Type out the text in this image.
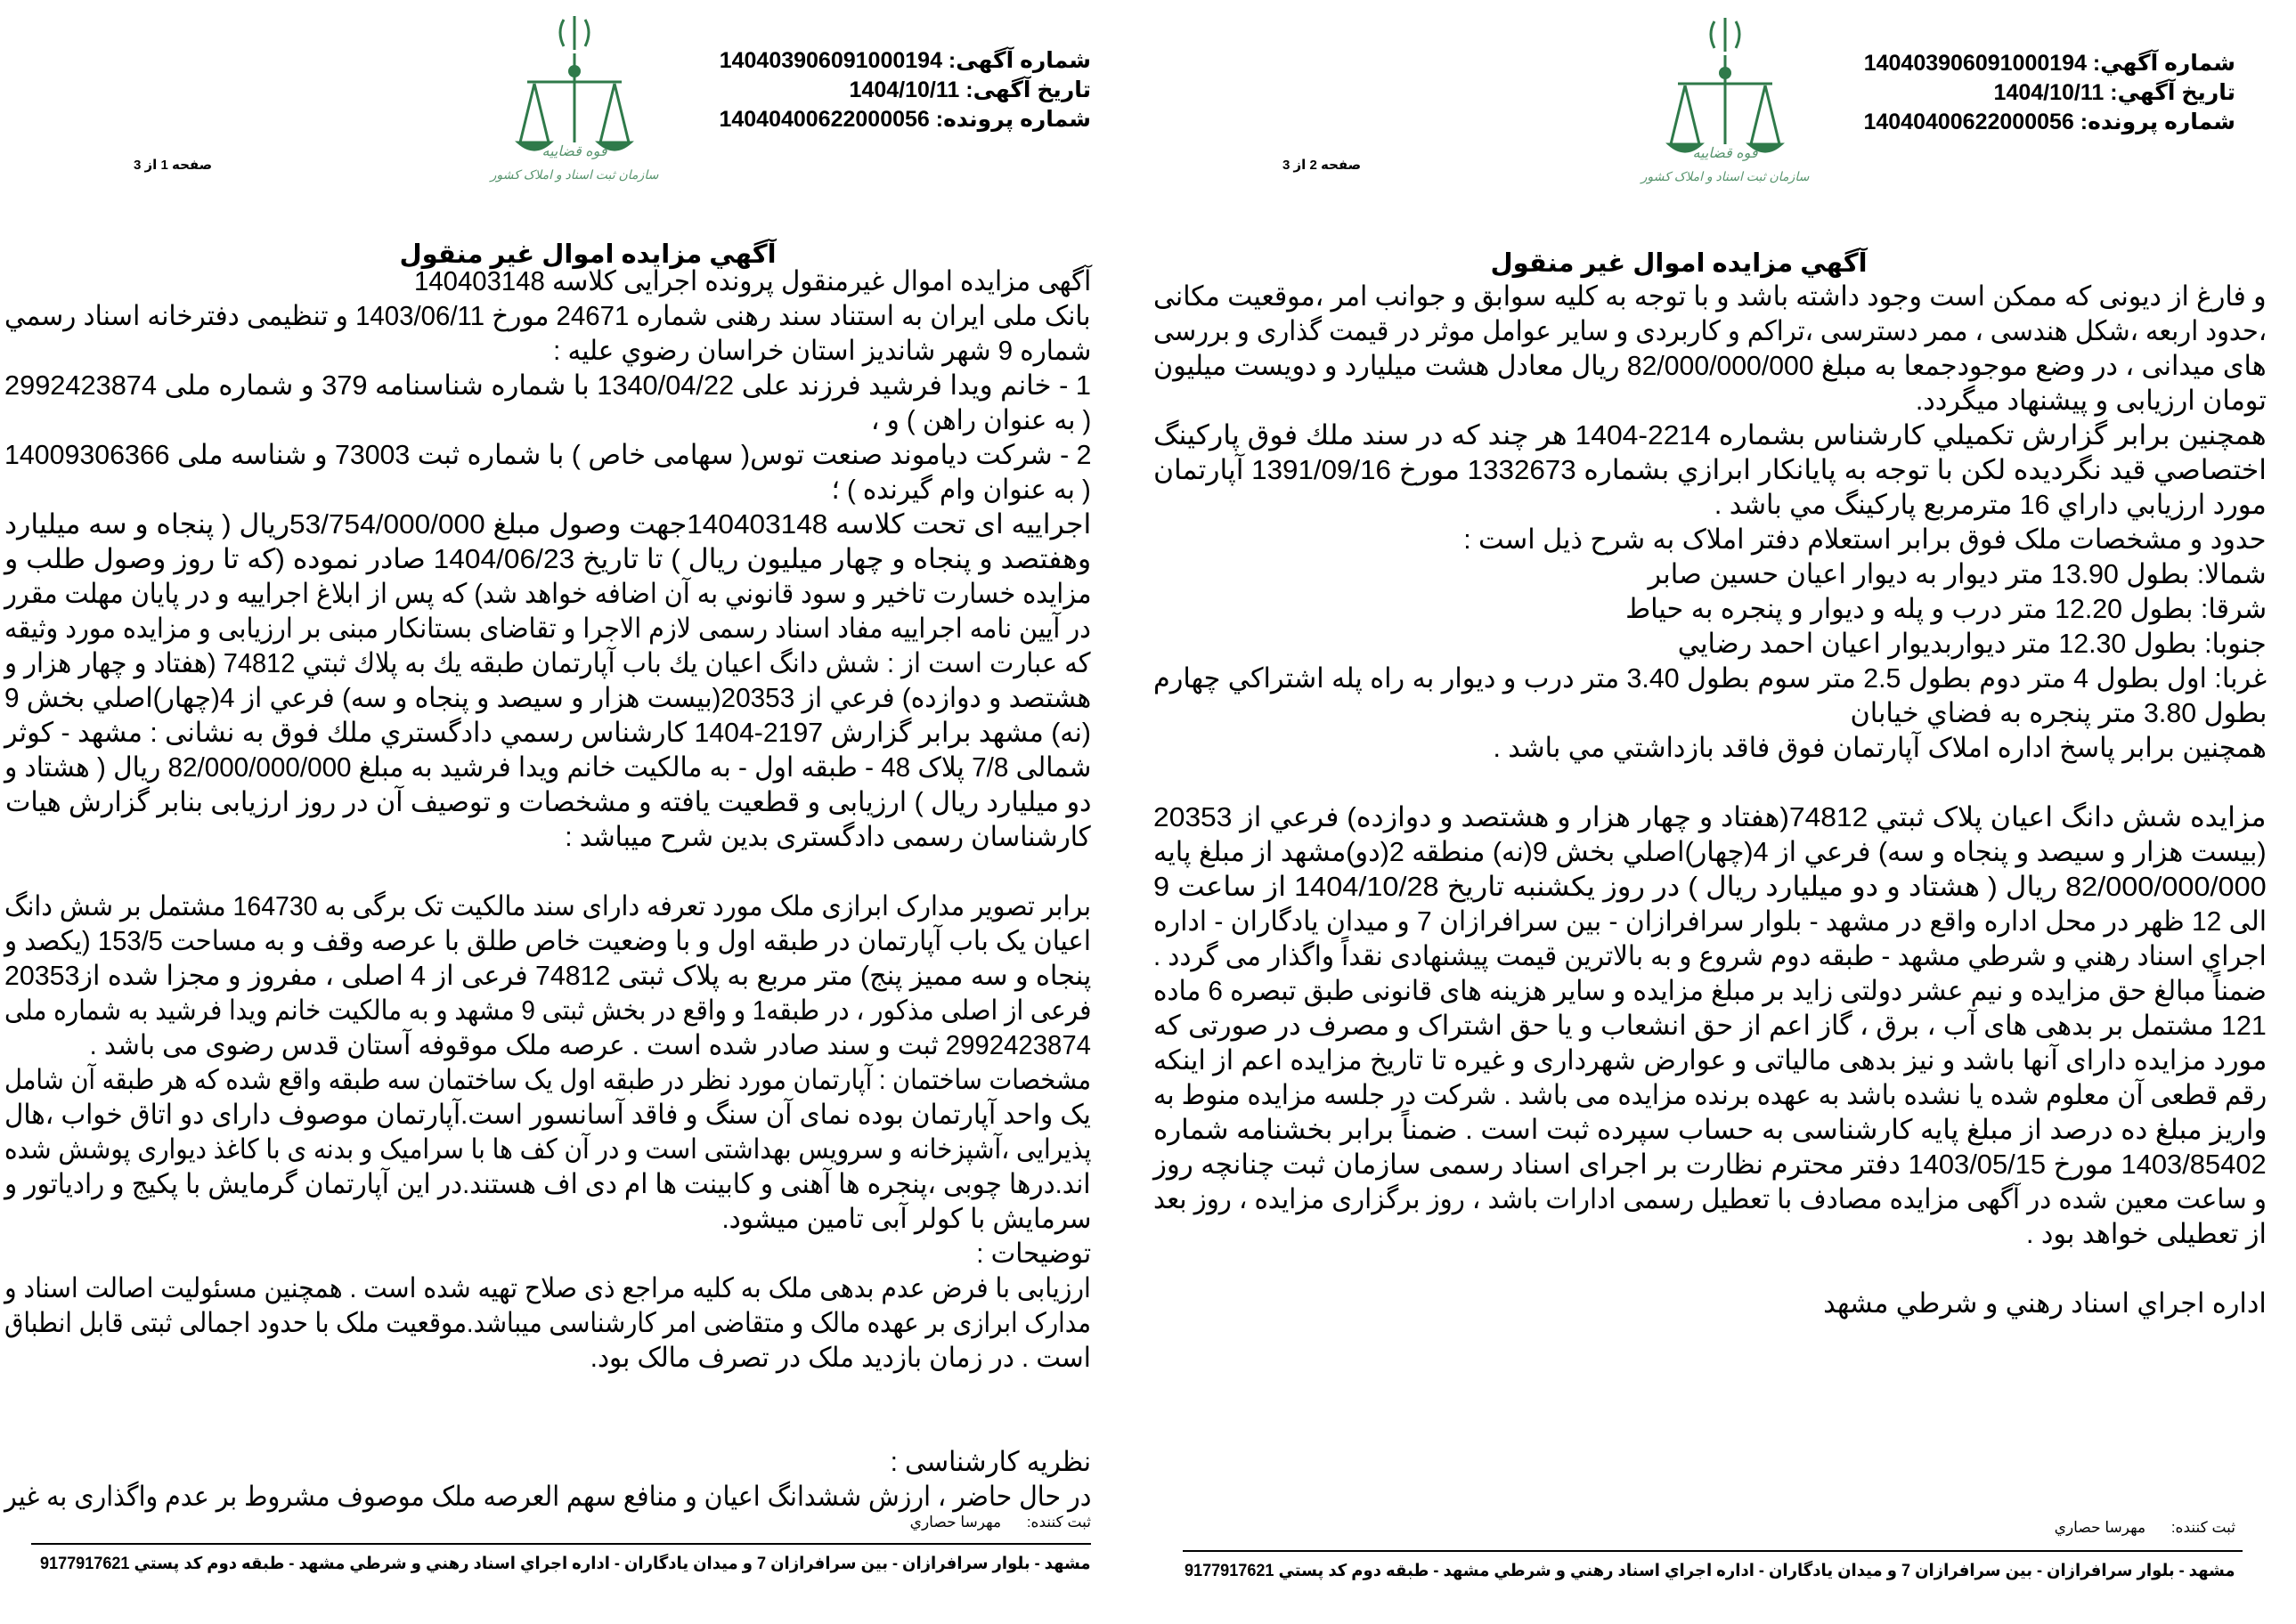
شماره آگهی: 140403906091000194
تاریخ آگهی: 1404/10/11
شماره پرونده: 14040400622000056
قوه قضاییه
سازمان ثبت اسناد و املاک کشور
صفحه 1 از 3
آگهي مزايده اموال غير منقول
آگهی مزایده اموال غیرمنقول پرونده اجرایی کلاسه 140403148
بانک ملی ایران به استناد سند رهنی شماره 24671 مورخ 1403/06/11 و تنظیمی دفترخانه اسناد رسمي
شماره 9 شهر شانديز استان خراسان رضوي علیه :
1 - خانم ویدا فرشید فرزند علی 1340/04/22 با شماره شناسنامه 379 و شماره ملی 2992423874
( به عنوان راهن ) و ،
2 - شرکت دیاموند صنعت توس( سهامی خاص ) با شماره ثبت 73003 و شناسه ملی 14009306366
( به عنوان وام گیرنده ) ؛
اجراییه ای تحت کلاسه 140403148جهت وصول مبلغ 53/754/000/000ریال ( پنجاه و سه میلیارد
وهفتصد و پنجاه و چهار میلیون ریال ) تا تاریخ 1404/06/23 صادر نموده (که تا روز وصول طلب و
مزایده خسارت تاخیر و سود قانوني به آن اضافه خواهد شد) که پس از ابلاغ اجراییه و در پایان مهلت مقرر
در آیین نامه اجراییه مفاد اسناد رسمی لازم الاجرا و تقاضای بستانکار مبنی بر ارزیابی و مزایده مورد وثیقه
که عبارت است از : شش دانگ اعيان يك باب آپارتمان طبقه يك به پلاك ثبتي 74812 (هفتاد و چهار هزار و
هشتصد و دوازده) فرعي از 20353(بيست هزار و سيصد و پنجاه و سه) فرعي از 4(چهار)اصلي بخش 9
(نه) مشهد برابر گزارش 2197-1404 كارشناس رسمي دادگستري ملك فوق به نشانی : مشهد - کوثر
شمالی 7/8 پلاک 48 - طبقه اول - به مالکیت خانم ویدا فرشید به مبلغ 82/000/000/000 ریال ( هشتاد و
دو میلیارد ریال ) ارزیابی و قطعیت یافته و مشخصات و توصیف آن در روز ارزیابی بنابر گزارش هیات
کارشناسان رسمی دادگستری بدین شرح میباشد :
برابر تصویر مدارک ابرازی ملک مورد تعرفه دارای سند مالکیت تک برگی به 164730 مشتمل بر شش دانگ
اعیان یک باب آپارتمان در طبقه اول و با وضعیت خاص طلق با عرصه وقف و به مساحت 153/5 (یکصد و
پنجاه و سه ممیز پنج) متر مربع به پلاک ثبتی 74812 فرعی از 4 اصلی ، مفروز و مجزا شده از20353
فرعی از اصلی مذکور ، در طبقه1 و واقع در بخش ثبتی 9 مشهد و به مالکیت خانم ویدا فرشید به شماره ملی
2992423874 ثبت و سند صادر شده است . عرصه ملک موقوفه آستان قدس رضوی می باشد .
مشخصات ساختمان : آپارتمان مورد نظر در طبقه اول یک ساختمان سه طبقه واقع شده که هر طبقه آن شامل
یک واحد آپارتمان بوده نمای آن سنگ و فاقد آسانسور است.آپارتمان موصوف دارای دو اتاق خواب ،هال
پذیرایی ،آشپزخانه و سرویس بهداشتی است و در آن کف ها با سرامیک و بدنه ی با کاغذ دیواری پوشش شده
اند.درها چوبی ،پنجره ها آهنی و کابینت ها ام دی اف هستند.در این آپارتمان گرمایش با پکیج و رادیاتور و
سرمایش با کولر آبی تامین میشود.
توضیحات :
ارزیابی با فرض عدم بدهی ملک به کلیه مراجع ذی صلاح تهیه شده است . همچنین مسئولیت اصالت اسناد و
مدارک ابرازی بر عهده مالک و متقاضی امر کارشناسی میباشد.موقعیت ملک با حدود اجمالی ثبتی قابل انطباق
است . در زمان بازدید ملک در تصرف مالک بود.
نظریه کارشناسی :
در حال حاضر ، ارزش ششدانگ اعیان و منافع سهم العرصه ملک موصوف مشروط بر عدم واگذاری به غیر
ثبت کننده: مهرسا حصاري
مشهد - بلوار سرافرازان - بين سرافرازان 7 و ميدان يادگاران - اداره اجراي اسناد رهني و شرطي مشهد - طبقه دوم كد پستي 9177917621
شماره آگهي: 140403906091000194
تاریخ آگهي: 1404/10/11
شماره پرونده: 14040400622000056
قوه قضاییه
سازمان ثبت اسناد و املاک کشور
صفحه 2 از 3
آگهي مزايده اموال غير منقول
و فارغ از دیونی که ممکن است وجود داشته باشد و با توجه به کلیه سوابق و جوانب امر ،موقعیت مکانی
،حدود اربعه ،شکل هندسی ، ممر دسترسی ،تراکم و کاربردی و سایر عوامل موثر در قیمت گذاری و بررسی
های میدانی ، در وضع موجودجمعا به مبلغ 82/000/000/000 ریال معادل هشت میلیارد و دویست میلیون
تومان ارزیابی و پیشنهاد میگردد.
همچنين برابر گزارش تكميلي كارشناس بشماره 2214-1404 هر چند كه در سند ملك فوق پاركينگ
اختصاصي قيد نگرديده لكن با توجه به پايانكار ابرازي بشماره 1332673 مورخ 1391/09/16 آپارتمان
مورد ارزيابي داراي 16 مترمربع پاركينگ مي باشد .
حدود و مشخصات ملک فوق برابر استعلام دفتر املاک به شرح ذیل است :
شمالا: بطول 13.90 متر دیوار به دیوار اعیان حسین صابر
شرقا: بطول 12.20 متر درب و پله و دیوار و پنجره به حیاط
جنوبا: بطول 12.30 متر دیواربدیوار اعیان احمد رضایي
غربا: اول بطول 4 متر دوم بطول 2.5 متر سوم بطول 3.40 متر درب و دیوار به راه پله اشتراكي چهارم
بطول 3.80 متر پنجره به فضاي خيابان
همچنین برابر پاسخ اداره املاک آپارتمان فوق فاقد بازداشتي مي باشد .
مزایده شش دانگ اعیان پلاک ثبتي 74812(هفتاد و چهار هزار و هشتصد و دوازده) فرعي از 20353
(بیست هزار و سیصد و پنجاه و سه) فرعي از 4(چهار)اصلي بخش 9(نه) منطقه 2(دو)مشهد از مبلغ پایه
82/000/000/000 ریال ( هشتاد و دو میلیارد ریال ) در روز یکشنبه تاریخ 1404/10/28 از ساعت 9
الی 12 ظهر در محل اداره واقع در مشهد - بلوار سرافرازان - بین سرافرازان 7 و میدان یادگاران - اداره
اجراي اسناد رهني و شرطي مشهد - طبقه دوم شروع و به بالاترین قیمت پیشنهادی نقداً واگذار می گردد .
ضمناً مبالغ حق مزایده و نیم عشر دولتی زاید بر مبلغ مزایده و سایر هزینه های قانونی طبق تبصره 6 ماده
121 مشتمل بر بدهی های آب ، برق ، گاز اعم از حق انشعاب و یا حق اشتراک و مصرف در صورتی که
مورد مزایده دارای آنها باشد و نیز بدهی مالیاتی و عوارض شهرداری و غیره تا تاریخ مزایده اعم از اینکه
رقم قطعی آن معلوم شده یا نشده باشد به عهده برنده مزایده می باشد . شرکت در جلسه مزایده منوط به
واریز مبلغ ده درصد از مبلغ پایه کارشناسی به حساب سپرده ثبت است . ضمناً برابر بخشنامه شماره
1403/85402 مورخ 1403/05/15 دفتر محترم نظارت بر اجرای اسناد رسمی سازمان ثبت چنانچه روز
و ساعت معین شده در آگهی مزایده مصادف با تعطیل رسمی ادارات باشد ، روز برگزاری مزایده ، روز بعد
از تعطیلی خواهد بود .
اداره اجراي اسناد رهني و شرطي مشهد
ثبت کننده: مهرسا حصاري
مشهد - بلوار سرافرازان - بين سرافرازان 7 و ميدان يادگاران - اداره اجراي اسناد رهني و شرطي مشهد - طبقه دوم كد پستي 9177917621
